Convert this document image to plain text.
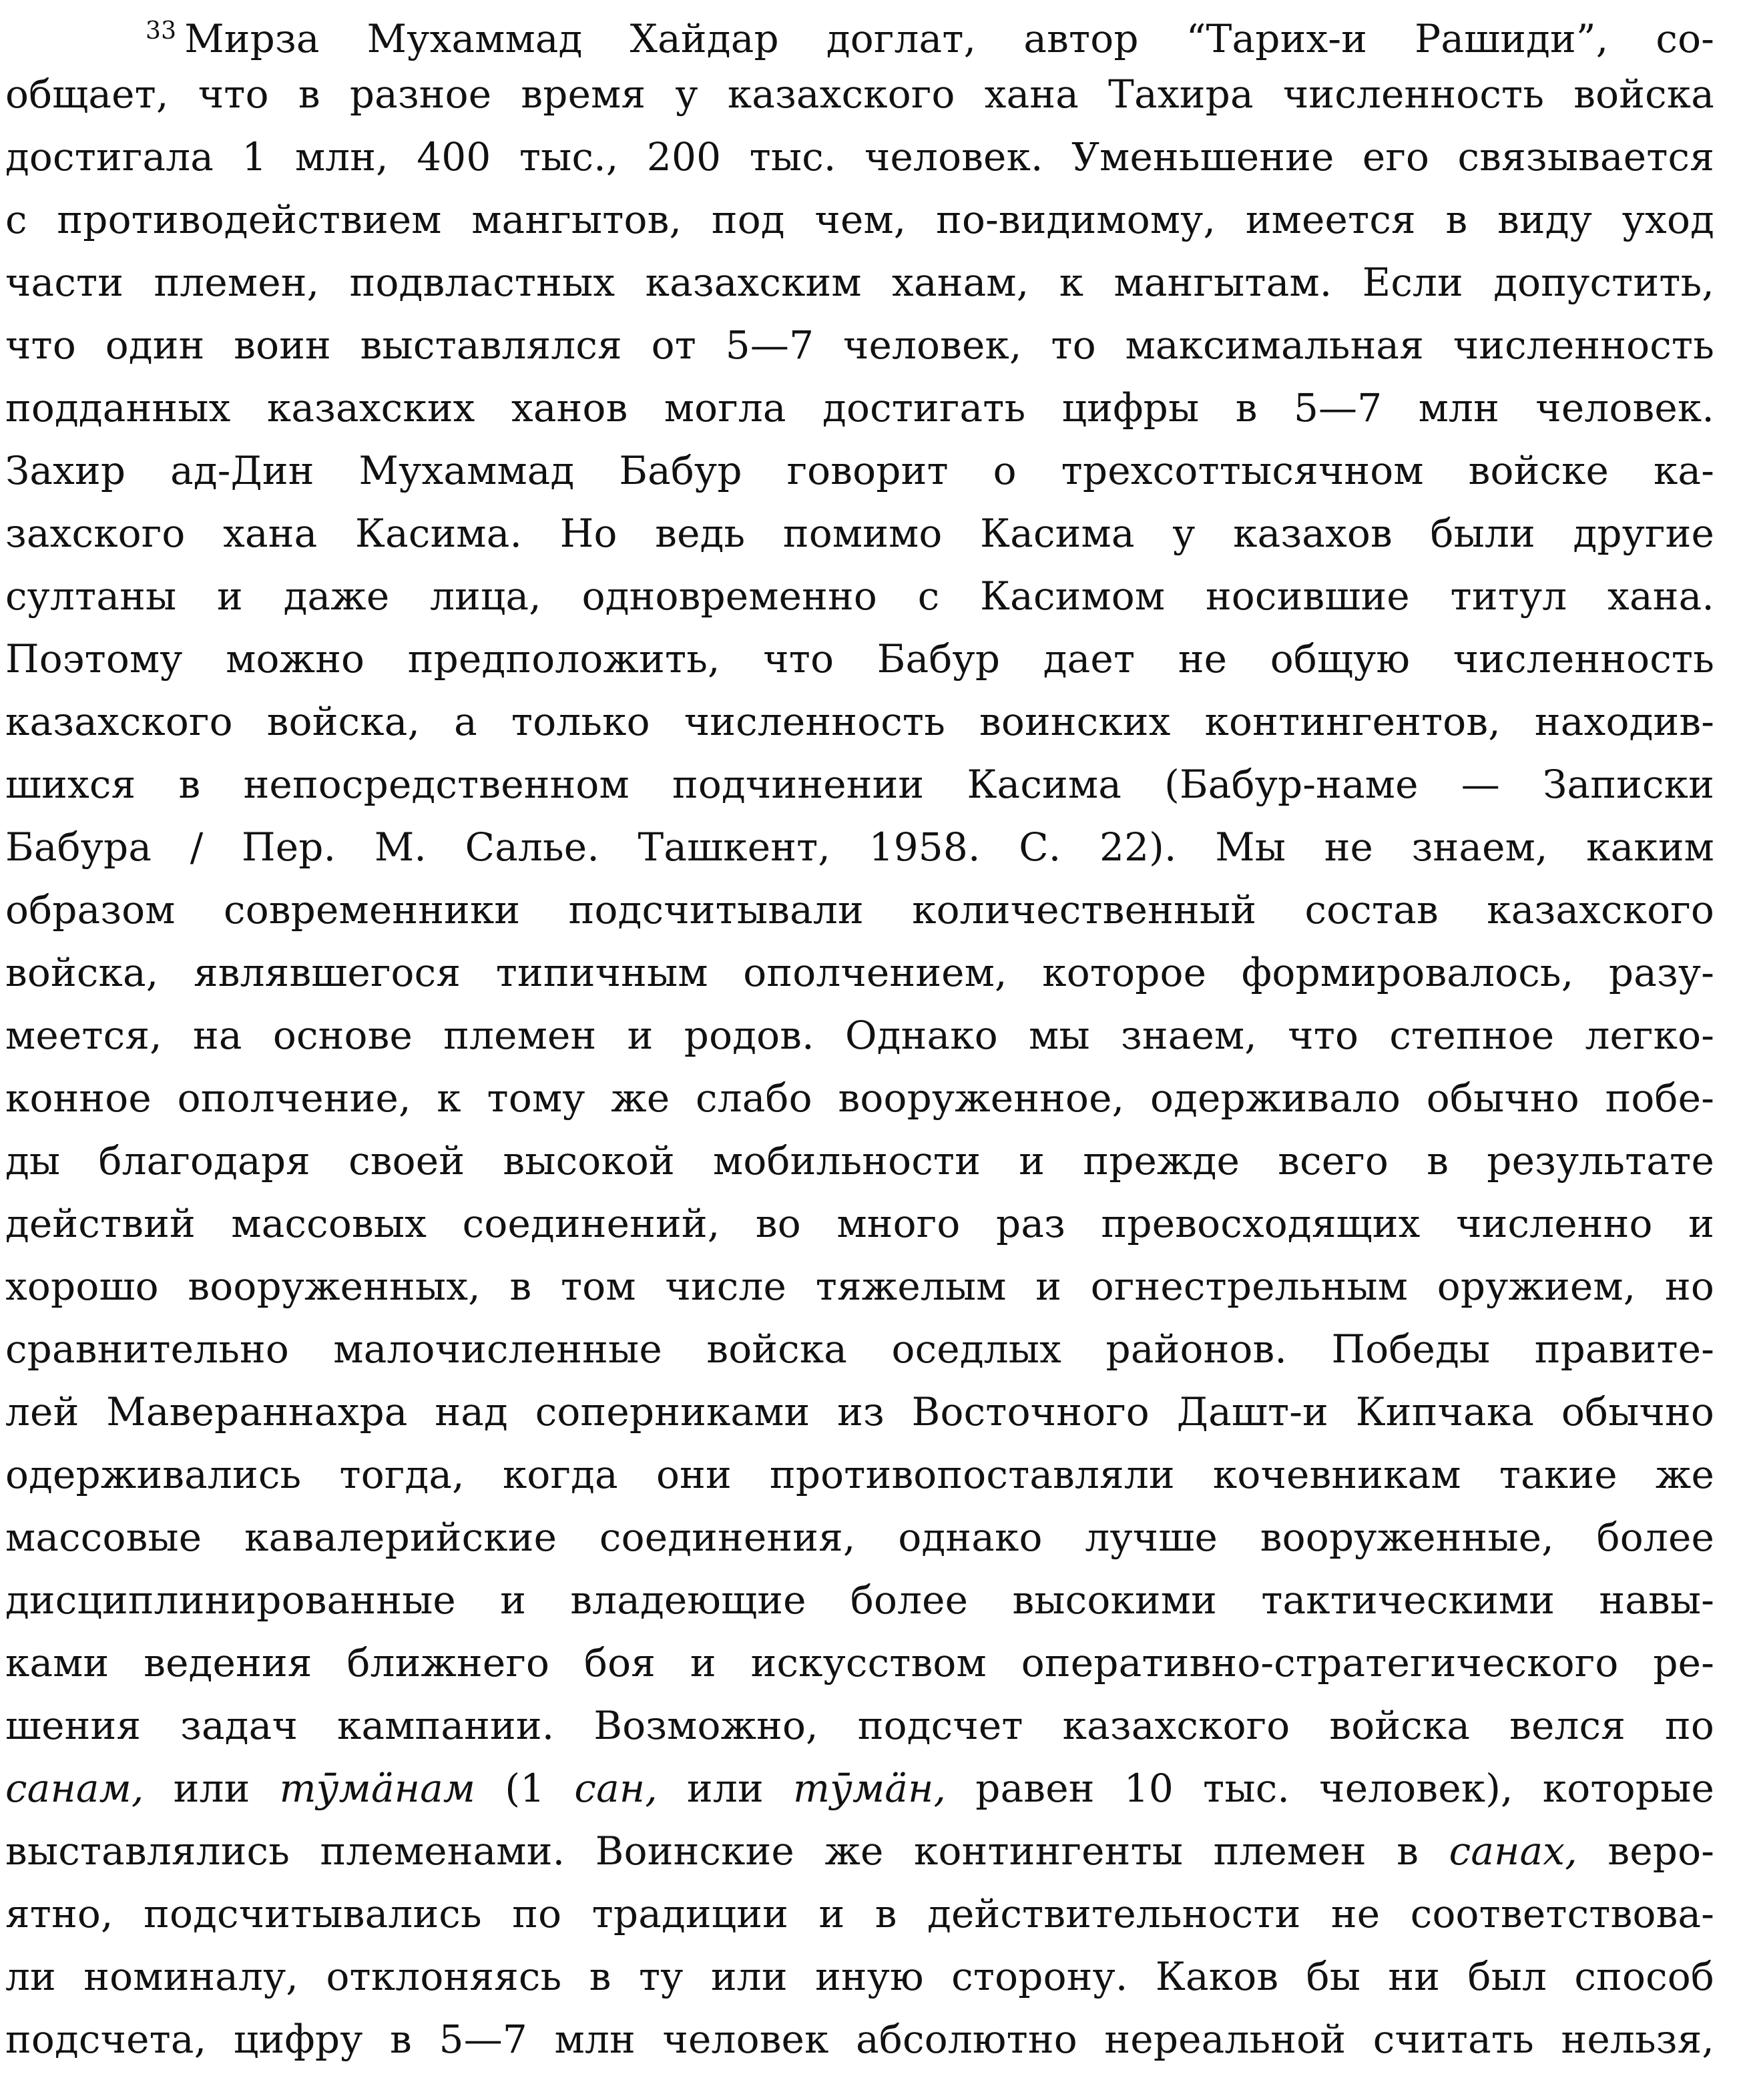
$^{33}$ Мирза Мухаммад Хайдар доглат, автор “Тарих-и Рашиди”, со-
общает, что в разное время у казахского хана Тахира численность войска
достигала 1 млн, 400 тыс., 200 тыс. человек. Уменьшение его связывается
с противодействием мангытов, под чем, по-видимому, имеется в виду уход
части племен, подвластных казахским ханам, к мангытам. Если допустить,
что один воин выставлялся от 5—7 человек, то максимальная численность
подданных казахских ханов могла достигать цифры в 5—7 млн человек.
Захир ад-Дин Мухаммад Бабур говорит о трехсоттысячном войске ка-
захского хана Касима. Но ведь помимо Касима у казахов были другие
султаны и даже лица, одновременно с Касимом носившие титул хана.
Поэтому можно предположить, что Бабур дает не общую численность
казахского войска, а только численность воинских контингентов, находив-
шихся в непосредственном подчинении Касима (Бабур-наме — Записки
Бабура / Пер. М. Салье. Ташкент, 1958. С. 22). Мы не знаем, каким
образом современники подсчитывали количественный состав казахского
войска, являвшегося типичным ополчением, которое формировалось, разу-
меется, на основе племен и родов. Однако мы знаем, что степное легко-
конное ополчение, к тому же слабо вооруженное, одерживало обычно побе-
ды благодаря своей высокой мобильности и прежде всего в результате
действий массовых соединений, во много раз превосходящих численно и
хорошо вооруженных, в том числе тяжелым и огнестрельным оружием, но
сравнительно малочисленные войска оседлых районов. Победы правите-
лей Мавераннахра над соперниками из Восточного Дашт-и Кипчака обычно
одерживались тогда, когда они противопоставляли кочевникам такие же
массовые кавалерийские соединения, однако лучше вооруженные, более
дисциплинированные и владеющие более высокими тактическими навы-
ками ведения ближнего боя и искусством оперативно-стратегического ре-
шения задач кампании. Возможно, подсчет казахского войска велся по
санам, или тӯмӓнам (1 сан, или тӯмӓн, равен 10 тыс. человек), которые
выставлялись племенами. Воинские же контингенты племен в санах, веро-
ятно, подсчитывались по традиции и в действительности не соответствова-
ли номиналу, отклоняясь в ту или иную сторону. Каков бы ни был способ
подсчета, цифру в 5—7 млн человек абсолютно нереальной считать нельзя,
